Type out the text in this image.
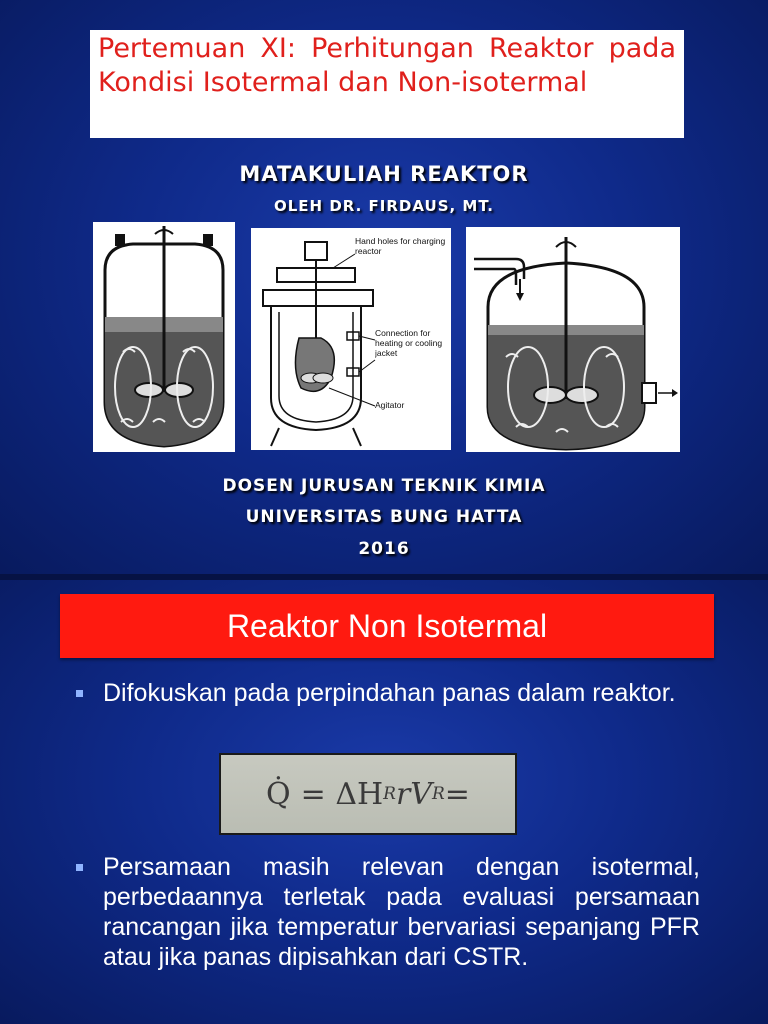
Pertemuan XI: Perhitungan Reaktor pada Kondisi Isotermal dan Non-isotermal
MATAKULIAH REAKTOR
OLEH DR. FIRDAUS, MT.
Hand holes for charging reactor
Connection for heating or cooling jacket
Agitator
DOSEN JURUSAN TEKNIK KIMIA
UNIVERSITAS BUNG HATTA
2016
Reaktor Non Isotermal
Difokuskan pada perpindahan panas dalam reaktor.
Q̇ = ΔH R rV R =
Persamaan masih relevan dengan isotermal, perbedaannya terletak pada evaluasi persamaan rancangan jika temperatur bervariasi sepanjang PFR atau jika panas dipisahkan dari CSTR.
